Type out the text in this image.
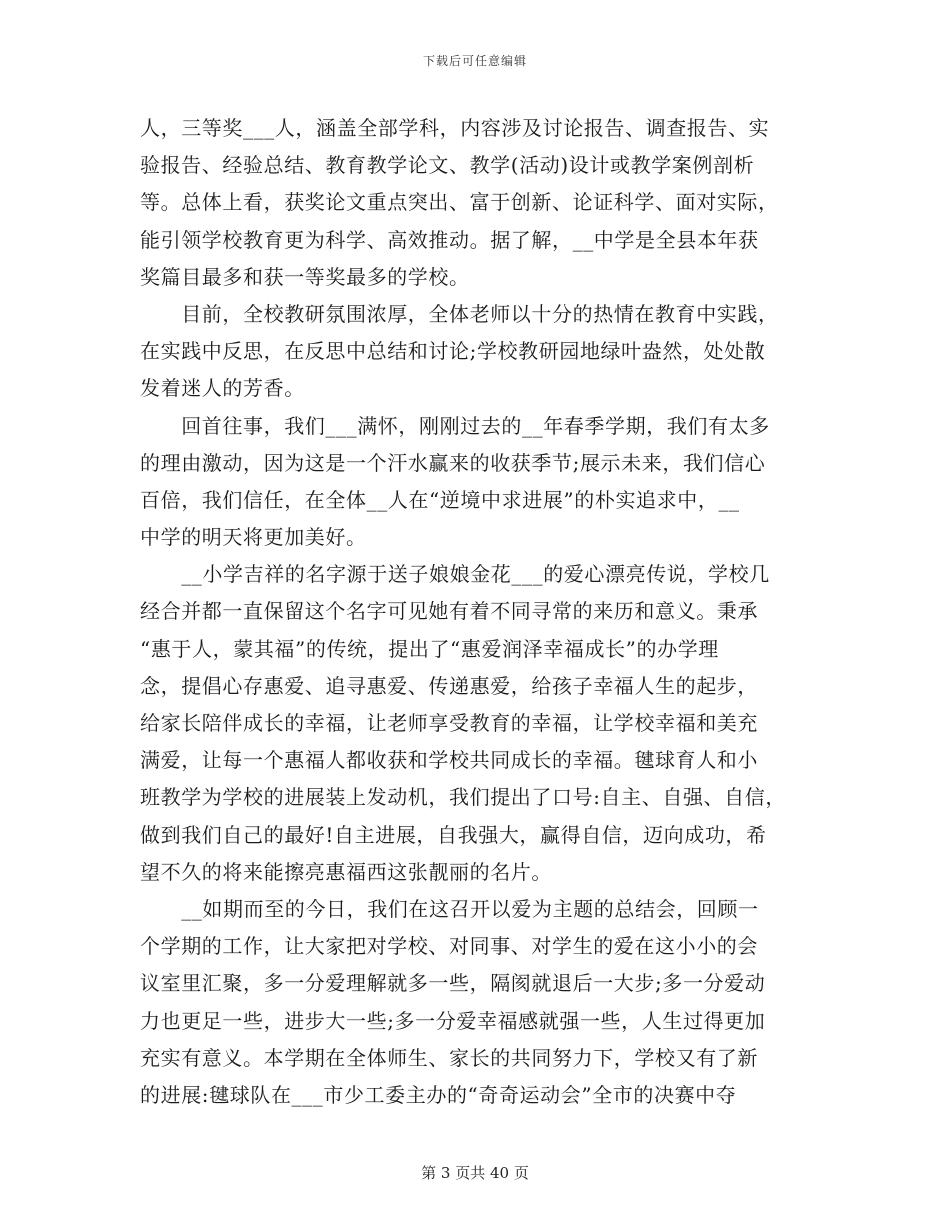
下载后可任意编辑
人，三等奖___人，涵盖全部学科，内容涉及讨论报告、调查报告、实
验报告、经验总结、教育教学论文、教学(活动)设计或教学案例剖析
等。总体上看，获奖论文重点突出、富于创新、论证科学、面对实际，
能引领学校教育更为科学、高效推动。据了解，__中学是全县本年获
奖篇目最多和获一等奖最多的学校。
　　目前，全校教研氛围浓厚，全体老师以十分的热情在教育中实践，
在实践中反思，在反思中总结和讨论;学校教研园地绿叶盎然，处处散
发着迷人的芳香。
　　回首往事，我们___满怀，刚刚过去的__年春季学期，我们有太多
的理由激动，因为这是一个汗水赢来的收获季节;展示未来，我们信心
百倍，我们信任，在全体__人在“逆境中求进展”的朴实追求中，__
中学的明天将更加美好。
　　__小学吉祥的名字源于送子娘娘金花___的爱心漂亮传说，学校几
经合并都一直保留这个名字可见她有着不同寻常的来历和意义。秉承
“惠于人，蒙其福”的传统，提出了“惠爱润泽幸福成长”的办学理
念，提倡心存惠爱、追寻惠爱、传递惠爱，给孩子幸福人生的起步，
给家长陪伴成长的幸福，让老师享受教育的幸福，让学校幸福和美充
满爱，让每一个惠福人都收获和学校共同成长的幸福。毽球育人和小
班教学为学校的进展装上发动机，我们提出了口号:自主、自强、自信，
做到我们自己的最好!自主进展，自我强大，赢得自信，迈向成功，希
望不久的将来能擦亮惠福西这张靓丽的名片。
　　__如期而至的今日，我们在这召开以爱为主题的总结会，回顾一
个学期的工作，让大家把对学校、对同事、对学生的爱在这小小的会
议室里汇聚，多一分爱理解就多一些，隔阂就退后一大步;多一分爱动
力也更足一些，进步大一些;多一分爱幸福感就强一些，人生过得更加
充实有意义。本学期在全体师生、家长的共同努力下，学校又有了新
的进展:毽球队在___市少工委主办的“奇奇运动会”全市的决赛中夺
第 3 页共 40 页
